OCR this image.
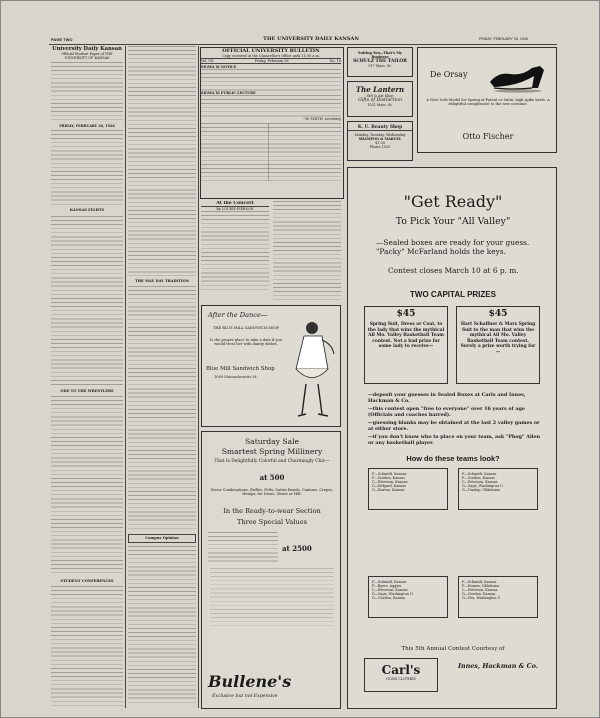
PAGE TWO	THE UNIVERSITY DAILY KANSAN	FRIDAY, FEBRUARY 26, 1926
University Daily Kansan
Official Student Paper of THE UNIVERSITY OF KANSAS
FRIDAY, FEBRUARY 26, 1926
KANSAS FIGHTS
ODE TO THE WRESTLERS
STUDENT CONFERENCES
THE MAY DAY TRADITION
Campus Opinion
OFFICIAL UNIVERSITY BULLETIN
Copy received at the Chancellor's Office until 11:00 a.m.
Vol. VII	Friday, February 26	No. 18
SIGMA XI NOTICE
SIGMA XI PUBLIC LECTURE
--W. SMITH, secretary
At the Concert
By LOUISE PIERSON
After the Dance—
THE BLUE MILL SANDWICH SHOP
Is the proper place to take a date if you would treat her with dainty dishes.
Blue Mill Sandwich Shop
1009 Massachusetts St.
Saturday Sale
Smartest Spring Millinery
That Is Delightfully Colorful and Charmingly Chic—
at 500
Straw Combinations, Failles, Felts, Satins Braids, Cantons, Crepes, Hemps; for Dress, Street or Hill.
In the Ready-to-wear Section
Three Special Values
at 2500
Bullene's
Exclusive but not Expensive
Suiting You—That's My
Business
SCHULZ THE TAILOR
917 Mass. St.
The Lantern
Gift & Art Shop
Gifts of Distinction
1021 Mass. St.
K. U. Beauty Shop
Monday, Tuesday, Wednesday
SHAMPOO & MARCEL
$1.00
Phone 1025
De Orsay
A New York Model for Spring of Patent or Satin, high spike heels. A delightful complement to the new costume.
Otto Fischer
"Get Ready"
To Pick Your "All Valley"
—Sealed boxes are ready for your guess. "Packy" McFarland holds the keys.
Contest closes March 10 at 6 p. m.
TWO CAPITAL PRIZES
$45
Spring Suit, Dress or Coat, to the lady that wins the mythical All Mo. Valley Basketball Team contest. Not a bad prize for some lady to receive—
$45
Hart Schaffner & Marx Spring Suit to the man that wins the mythical All Mo. Valley Basketball Team contest. Surely a prize worth trying for—
—deposit your guesses in Sealed Boxes at Carls and Innes, Hackman & Co.
—this contest open "free to everyone" over 16 years of age (Officials and coaches barred).
—guessing blanks may be obtained at the last 2 valley games or at either store.
—if you don't know who to place on your team, ask "Phog" Allen or any basketball player.
How do these teams look?
F—Schmidt, Kansas
F—Gordon, Kansas
C—Peterson, Kansas
G—Belgard, Kansas
G—Burton, Kansas
F—Schmidt, Kansas
F—Gordon, Kansas
C—Peterson, Kansas
G—Sage, Washington U.
G—Dunlap, Oklahoma
F—Schmidt, Kansas
F—Byers, Aggies
C—Peterson, Kansas
G—Sage, Washington U.
G—Gordon, Kansas
F—Schmidt, Kansas
F—Homes, Oklahoma
C—Peterson, Kansas
G—Gordon, Kansas
G—Fox, Washington U.
This 5th Annual Contest Courtesy of
Carl's
GOOD CLOTHES
Innes, Hackman & Co.
